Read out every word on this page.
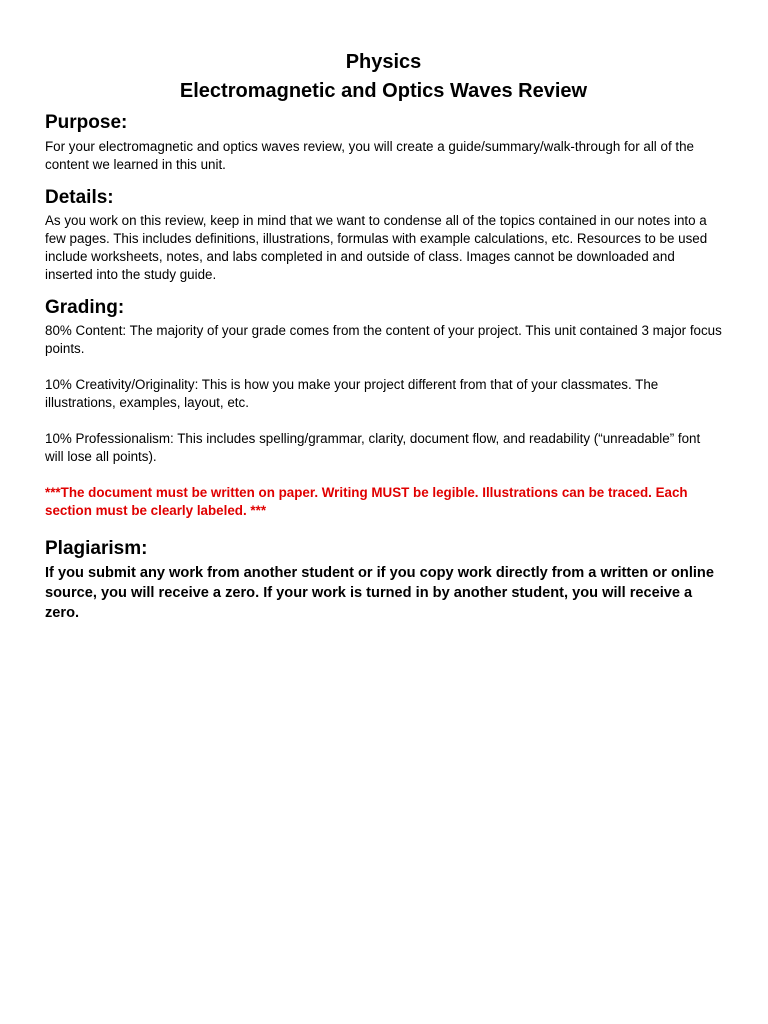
Physics
Electromagnetic and Optics Waves Review
Purpose:

For your electromagnetic and optics waves review, you will create a guide/summary/walk-through for all of the content we learned in this unit.

Details:

As you work on this review, keep in mind that we want to condense all of the topics contained in our notes into a few pages. This includes definitions, illustrations, formulas with example calculations, etc. Resources to be used include worksheets, notes, and labs completed in and outside of class. Images cannot be downloaded and inserted into the study guide.

Grading:

80% Content: The majority of your grade comes from the content of your project. This unit contained 3 major focus points.

10% Creativity/Originality: This is how you make your project different from that of your classmates. The illustrations, examples, layout, etc.

10% Professionalism: This includes spelling/grammar, clarity, document flow, and readability (“unreadable” font will lose all points).

***The document must be written on paper. Writing MUST be legible. Illustrations can be traced. Each section must be clearly labeled. ***

Plagiarism:

If you submit any work from another student or if you copy work directly from a written or online source, you will receive a zero. If your work is turned in by another student, you will receive a zero.
